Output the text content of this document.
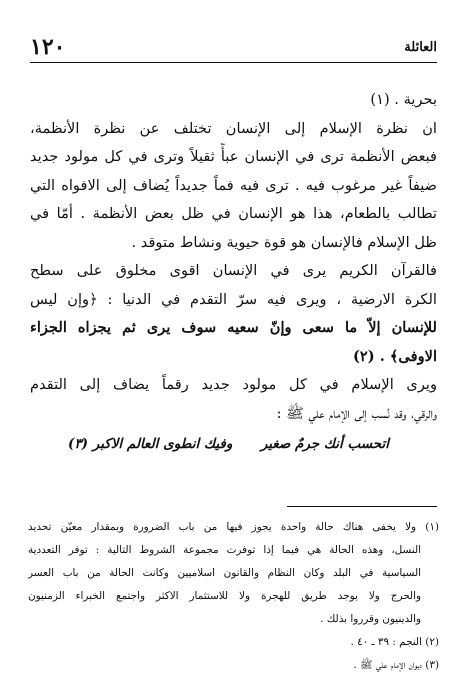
العائلة
١٢٠
بحرية . (١)
ان نظرة الإسلام إلى الإنسان تختلف عن نظرة الأنظمة،
فبعض الأنظمة ترى في الإنسان عبأً ثقيلاً وترى في كل مولود جديد
ضيفاً غير مرغوب فيه . ترى فيه فماً جديداً يُضاف إلى الافواه التي
تطالب بالطعام، هذا هو الإنسان في ظل بعض الأنظمة . أمّا في
ظل الإسلام فالإنسان هو قوة حيوية ونشاط متوقد .
فالقرآن الكريم يرى في الإنسان اقوى مخلوق على سطح
الكرة الارضية ، ويرى فيه سرّ التقدم في الدنيا : ﴿وإن ليس
للإنسان إلاّ ما سعى وإنّ سعيه سوف يرى ثم يجزاه الجزاء
الاوفى﴾ . (٢)
ويرى الإسلام في كل مولود جديد رقماً يضاف إلى التقدم
والرقي، وقد نُسب إلى الإمام علي ﷺ :
اتحسب أنك جرمٌ صغير
وفيك انطوى العالم الاكبر (٣)
(١) ولا يخفى هناك حالة واحدة يجوز فيها من باب الضرورة وبمقدار معيّن تحديد
النسل، وهذه الحالة هي فيما إذا توفرت مجموعة الشروط التالية : توفر التعددية
السياسية في البلد وكان النظام والقانون اسلاميين وكانت الحالة من باب العسر
والحرج ولا يوجد طريق للهجرة ولا للاستثمار الاكثر واجتمع الخبراء الزمنيون
والدينيون وقرروا بذلك .
(٢) النجم : ٣٩ ـ ٤٠ .
(٣) ديوان الإمام علي ﷺ .
